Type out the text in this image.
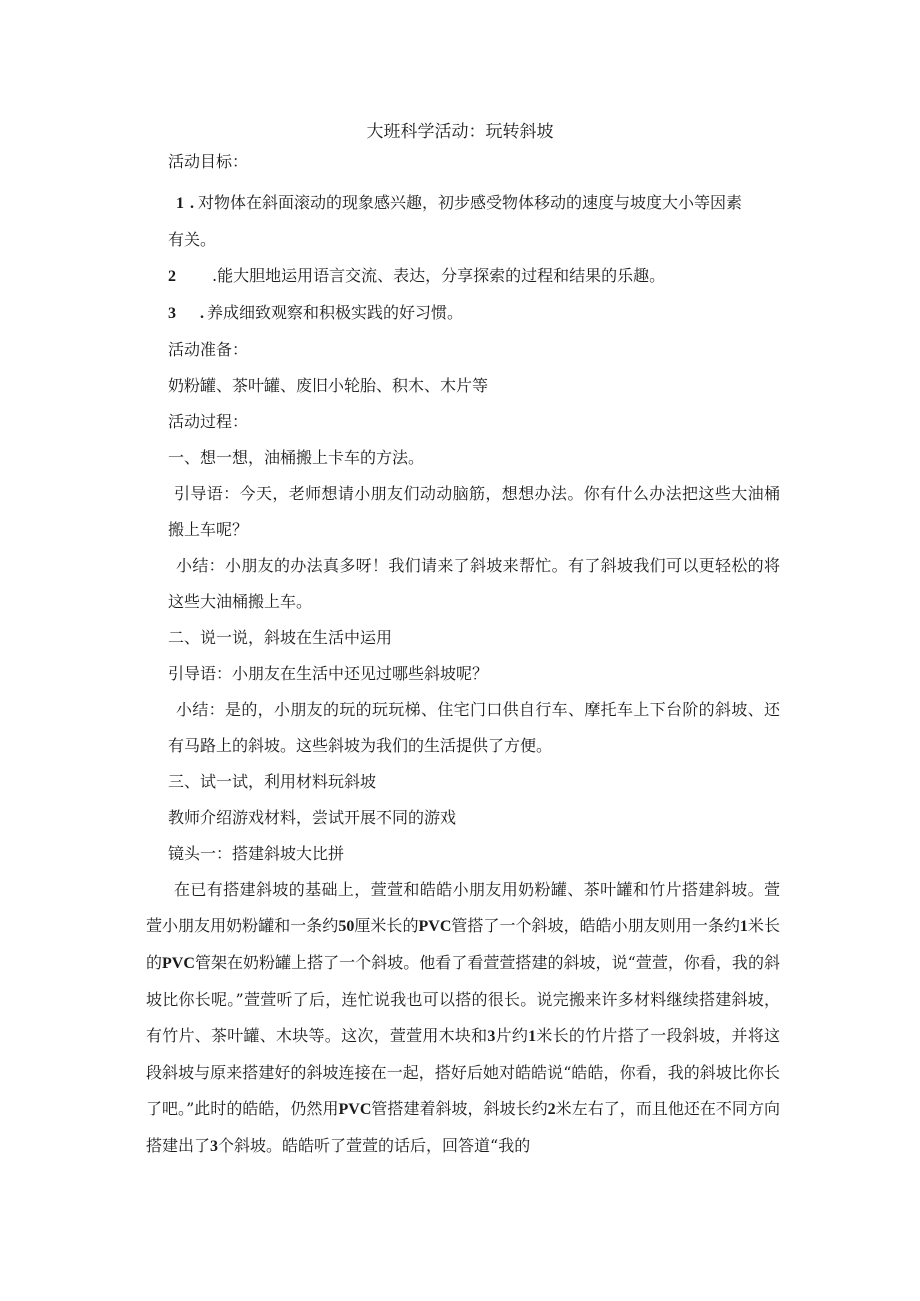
大班科学活动：玩转斜坡

活动目标：

1 . 对物体在斜面滚动的现象感兴趣，初步感受物体移动的速度与坡度大小等因素

有关。

2 .能大胆地运用语言交流、表达，分享探索的过程和结果的乐趣。

3 . 养成细致观察和积极实践的好习惯。

活动准备：

奶粉罐、茶叶罐、废旧小轮胎、积木、木片等

活动过程：

一、想一想，油桶搬上卡车的方法。

引导语：今天，老师想请小朋友们动动脑筋，想想办法。你有什么办法把这些大油桶搬上车呢？

小结：小朋友的办法真多呀！我们请来了斜坡来帮忙。有了斜坡我们可以更轻松的将这些大油桶搬上车。

二、说一说，斜坡在生活中运用

引导语：小朋友在生活中还见过哪些斜坡呢？

小结：是的，小朋友的玩的玩玩梯、住宅门口供自行车、摩托车上下台阶的斜坡、还有马路上的斜坡。这些斜坡为我们的生活提供了方便。

三、试一试，利用材料玩斜坡

教师介绍游戏材料，尝试开展不同的游戏

镜头一：搭建斜坡大比拼

在已有搭建斜坡的基础上，萱萱和皓皓小朋友用奶粉罐、茶叶罐和竹片搭建斜坡。萱萱小朋友用奶粉罐和一条约50厘米长的PVC管搭了一个斜坡，皓皓小朋友则用一条约1米长的PVC管架在奶粉罐上搭了一个斜坡。他看了看萱萱搭建的斜坡，说“萱萱，你看，我的斜坡比你长呢。”萱萱听了后，连忙说我也可以搭的很长。说完搬来许多材料继续搭建斜坡，有竹片、茶叶罐、木块等。这次，萱萱用木块和3片约1米长的竹片搭了一段斜坡，并将这段斜坡与原来搭建好的斜坡连接在一起，搭好后她对皓皓说“皓皓，你看，我的斜坡比你长了吧。”此时的皓皓，仍然用PVC管搭建着斜坡，斜坡长约2米左右了，而且他还在不同方向搭建出了3个斜坡。皓皓听了萱萱的话后，回答道“我的
